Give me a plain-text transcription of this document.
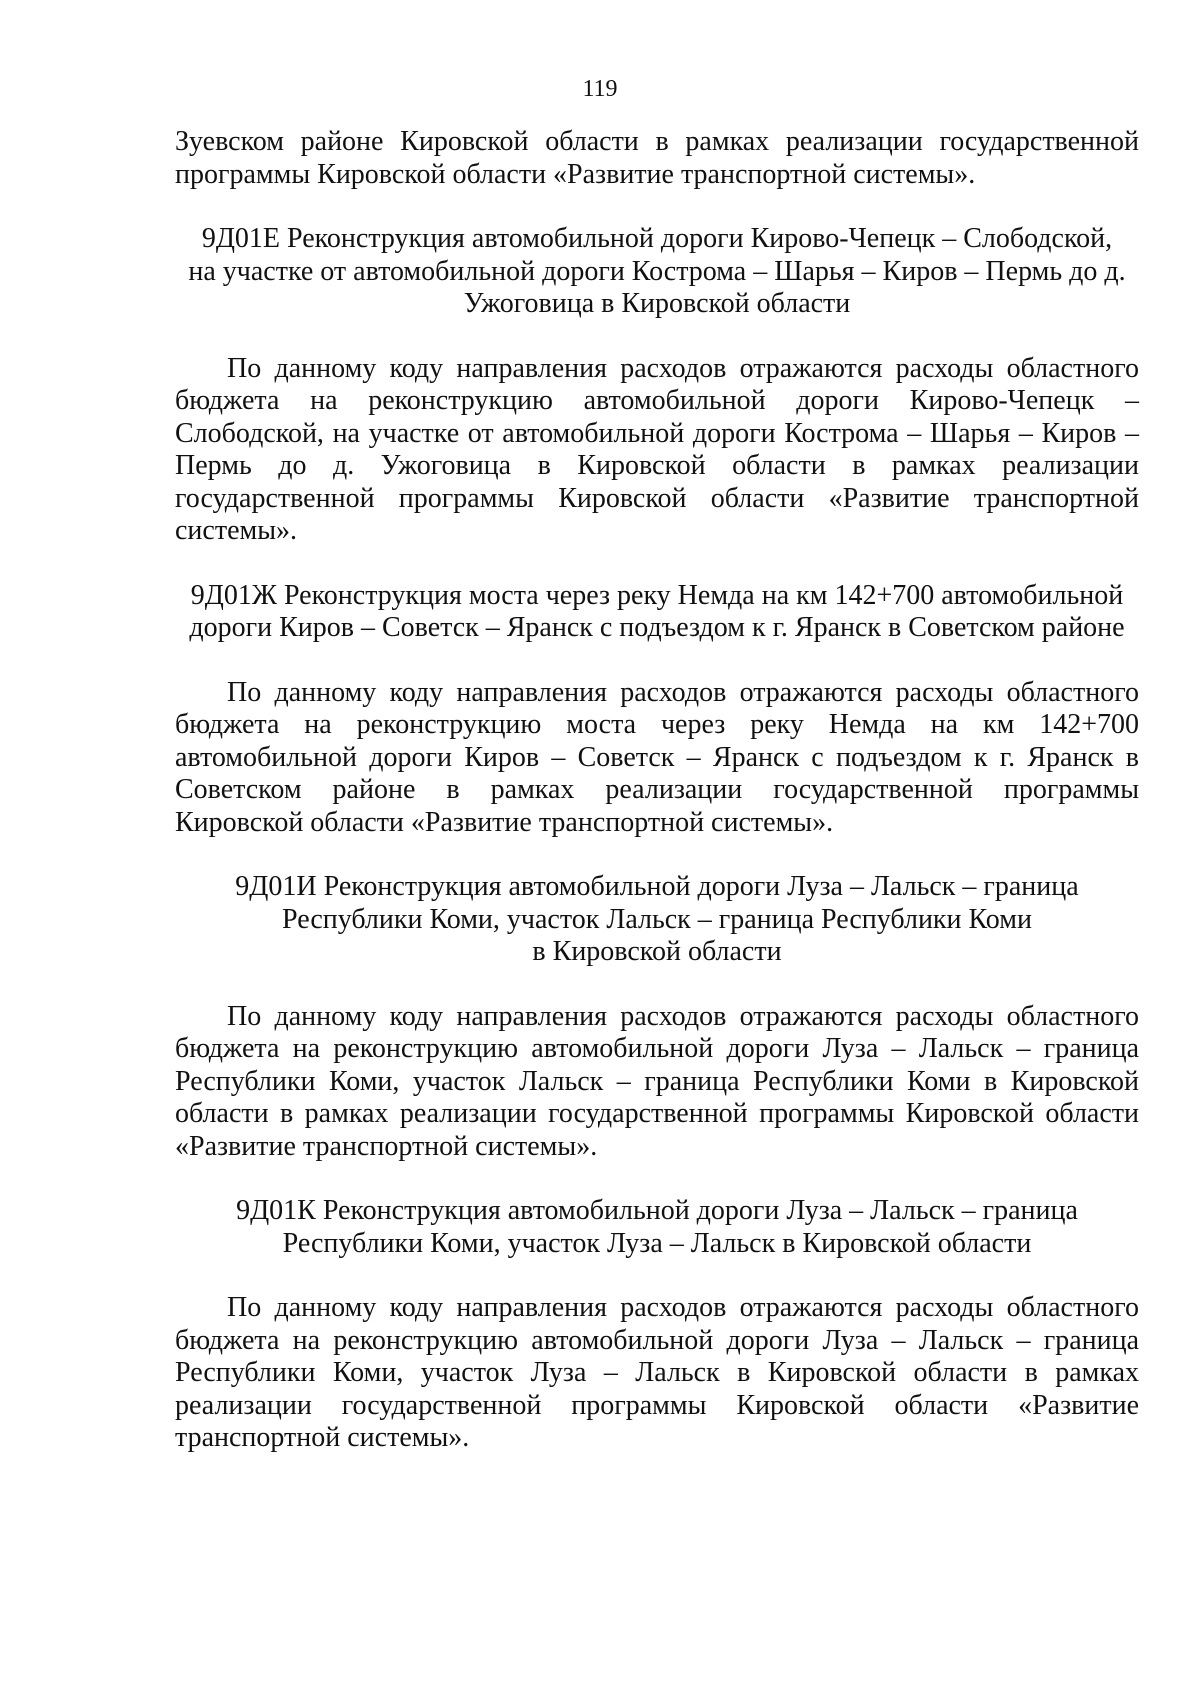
119
Зуевском районе Кировской области в рамках реализации государственной
программы Кировской области «Развитие транспортной системы».
9Д01Е Реконструкция автомобильной дороги Кирово-Чепецк – Слободской,
на участке от автомобильной дороги Кострома – Шарья – Киров – Пермь до д.
Ужоговица в Кировской области
По данному коду направления расходов отражаются расходы областного
бюджета на реконструкцию автомобильной дороги Кирово-Чепецк –
Слободской, на участке от автомобильной дороги Кострома – Шарья – Киров –
Пермь до д. Ужоговица в Кировской области в рамках реализации
государственной программы Кировской области «Развитие транспортной
системы».
9Д01Ж Реконструкция моста через реку Немда на км 142+700 автомобильной
дороги Киров – Советск – Яранск с подъездом к г. Яранск в Советском районе
По данному коду направления расходов отражаются расходы областного
бюджета на реконструкцию моста через реку Немда на км 142+700
автомобильной дороги Киров – Советск – Яранск с подъездом к г. Яранск в
Советском районе в рамках реализации государственной программы
Кировской области «Развитие транспортной системы».
9Д01И Реконструкция автомобильной дороги Луза – Лальск – граница
Республики Коми, участок Лальск – граница Республики Коми
в Кировской области
По данному коду направления расходов отражаются расходы областного
бюджета на реконструкцию автомобильной дороги Луза – Лальск – граница
Республики Коми, участок Лальск – граница Республики Коми в Кировской
области в рамках реализации государственной программы Кировской области
«Развитие транспортной системы».
9Д01К Реконструкция автомобильной дороги Луза – Лальск – граница
Республики Коми, участок Луза – Лальск в Кировской области
По данному коду направления расходов отражаются расходы областного
бюджета на реконструкцию автомобильной дороги Луза – Лальск – граница
Республики Коми, участок Луза – Лальск в Кировской области в рамках
реализации государственной программы Кировской области «Развитие
транспортной системы».
